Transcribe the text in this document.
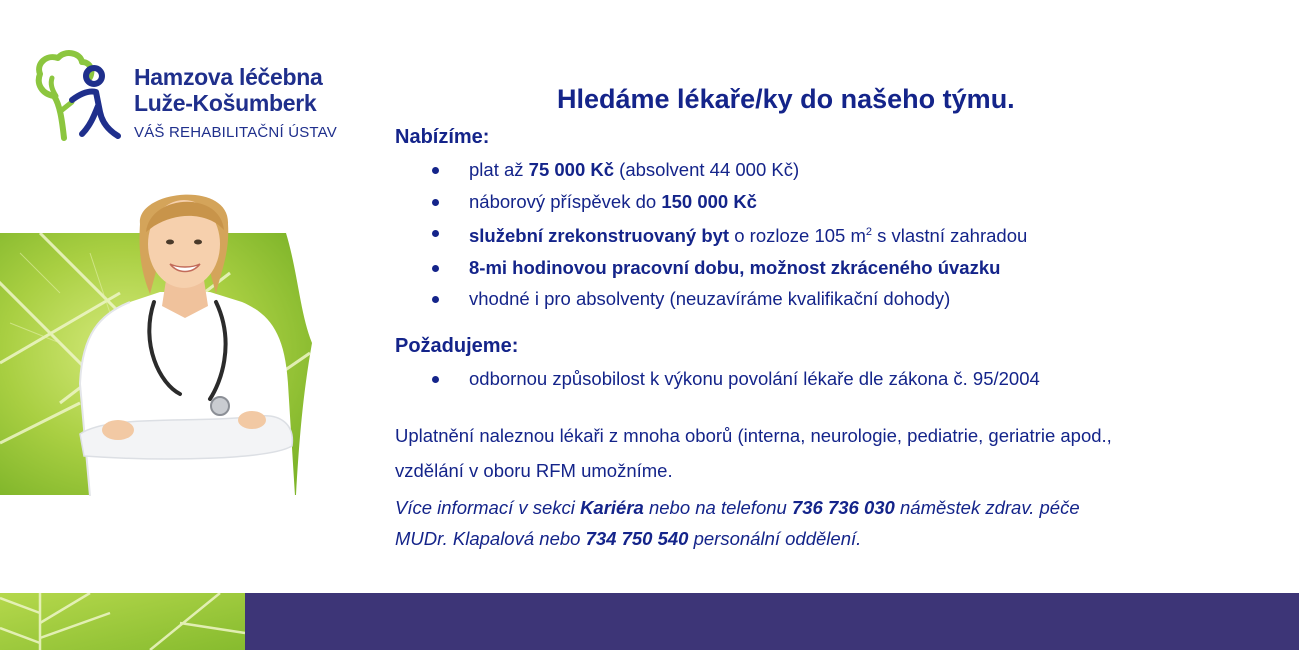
Hamzova léčebna
Luže-Košumberk
VÁŠ REHABILITAČNÍ ÚSTAV
Hledáme lékaře/ky do našeho týmu.
Nabízíme:
plat až 75 000 Kč (absolvent 44 000 Kč)
náborový příspěvek do 150 000 Kč
služební zrekonstruovaný byt o rozloze 105 $m^2$ s vlastní zahradou
8-mi hodinovou pracovní dobu, možnost zkráceného úvazku
vhodné i pro absolventy (neuzavíráme kvalifikační dohody)
Požadujeme:
odbornou způsobilost k výkonu povolání lékaře dle zákona č. 95/2004
Uplatnění naleznou lékaři z mnoha oborů (interna, neurologie, pediatrie, geriatrie apod.,
vzdělání v oboru RFM umožníme.
Více informací v sekci Kariéra nebo na telefonu 736 736 030 náměstek zdrav. péče
MUDr. Klapalová nebo 734 750 540 personální oddělení.
